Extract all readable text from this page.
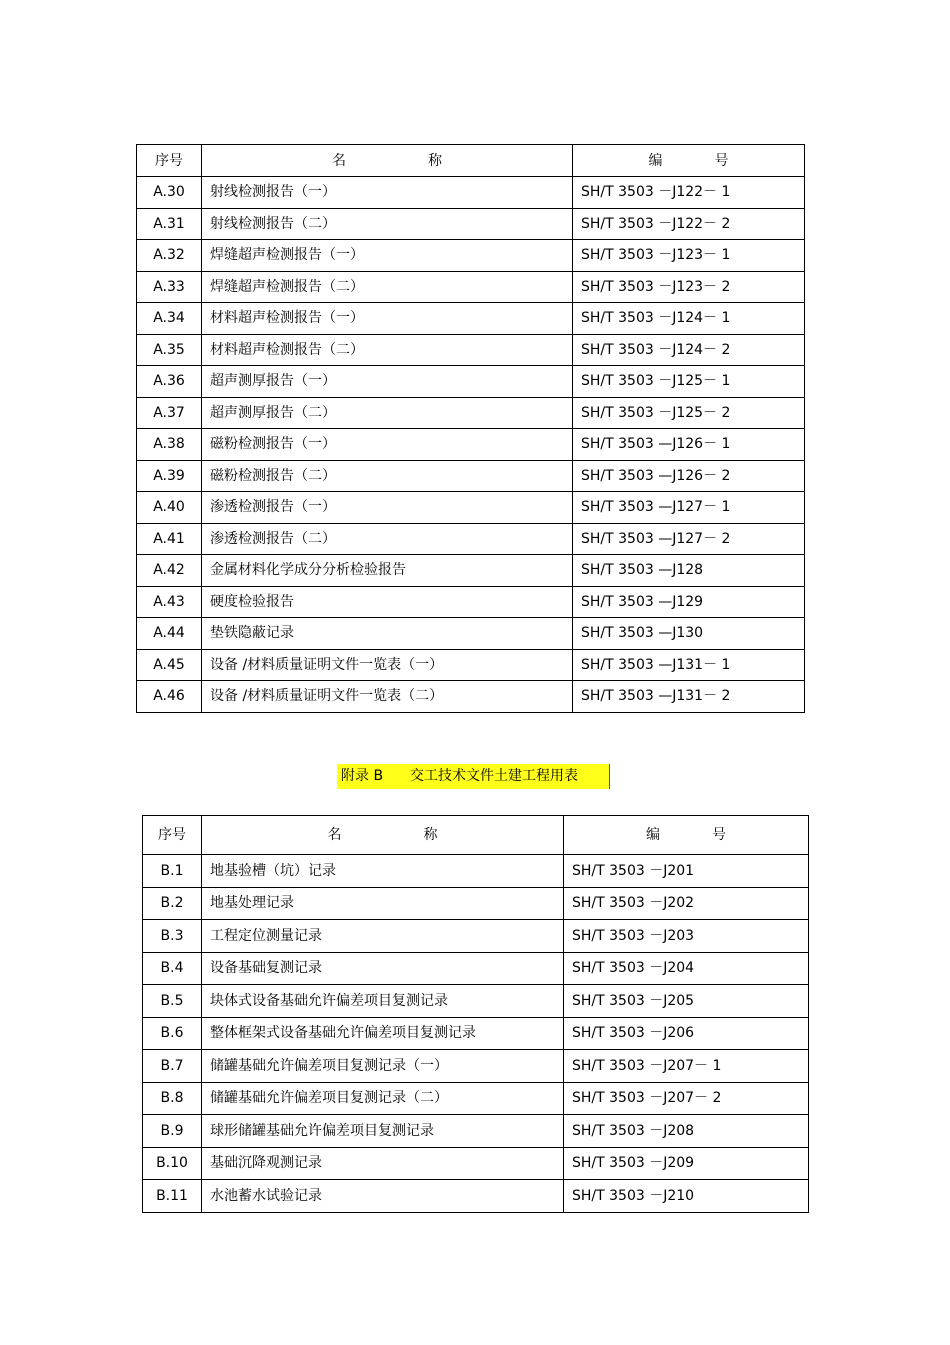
序号	名 称	编 号
A.30	射线检测报告（一）	SH/T 3503 －J122－ 1
A.31	射线检测报告（二）	SH/T 3503 －J122－ 2
A.32	焊缝超声检测报告（一）	SH/T 3503 －J123－ 1
A.33	焊缝超声检测报告（二）	SH/T 3503 －J123－ 2
A.34	材料超声检测报告（一）	SH/T 3503 －J124－ 1
A.35	材料超声检测报告（二）	SH/T 3503 －J124－ 2
A.36	超声测厚报告（一）	SH/T 3503 －J125－ 1
A.37	超声测厚报告（二）	SH/T 3503 －J125－ 2
A.38	磁粉检测报告（一）	SH/T 3503 —J126－ 1
A.39	磁粉检测报告（二）	SH/T 3503 —J126－ 2
A.40	渗透检测报告（一）	SH/T 3503 —J127－ 1
A.41	渗透检测报告（二）	SH/T 3503 —J127－ 2
A.42	金属材料化学成分分析检验报告	SH/T 3503 —J128
A.43	硬度检验报告	SH/T 3503 —J129
A.44	垫铁隐蔽记录	SH/T 3503 —J130
A.45	设备 /材料质量证明文件一览表（一）	SH/T 3503 —J131－ 1
A.46	设备 /材料质量证明文件一览表（二）	SH/T 3503 —J131－ 2
附录 B 交工技术文件土建工程用表
序号	名 称	编 号
B.1	地基验槽（坑）记录	SH/T 3503 －J201
B.2	地基处理记录	SH/T 3503 －J202
B.3	工程定位测量记录	SH/T 3503 －J203
B.4	设备基础复测记录	SH/T 3503 －J204
B.5	块体式设备基础允许偏差项目复测记录	SH/T 3503 －J205
B.6	整体框架式设备基础允许偏差项目复测记录	SH/T 3503 －J206
B.7	储罐基础允许偏差项目复测记录（一）	SH/T 3503 －J207－ 1
B.8	储罐基础允许偏差项目复测记录（二）	SH/T 3503 －J207－ 2
B.9	球形储罐基础允许偏差项目复测记录	SH/T 3503 －J208
B.10	基础沉降观测记录	SH/T 3503 －J209
B.11	水池蓄水试验记录	SH/T 3503 －J210
